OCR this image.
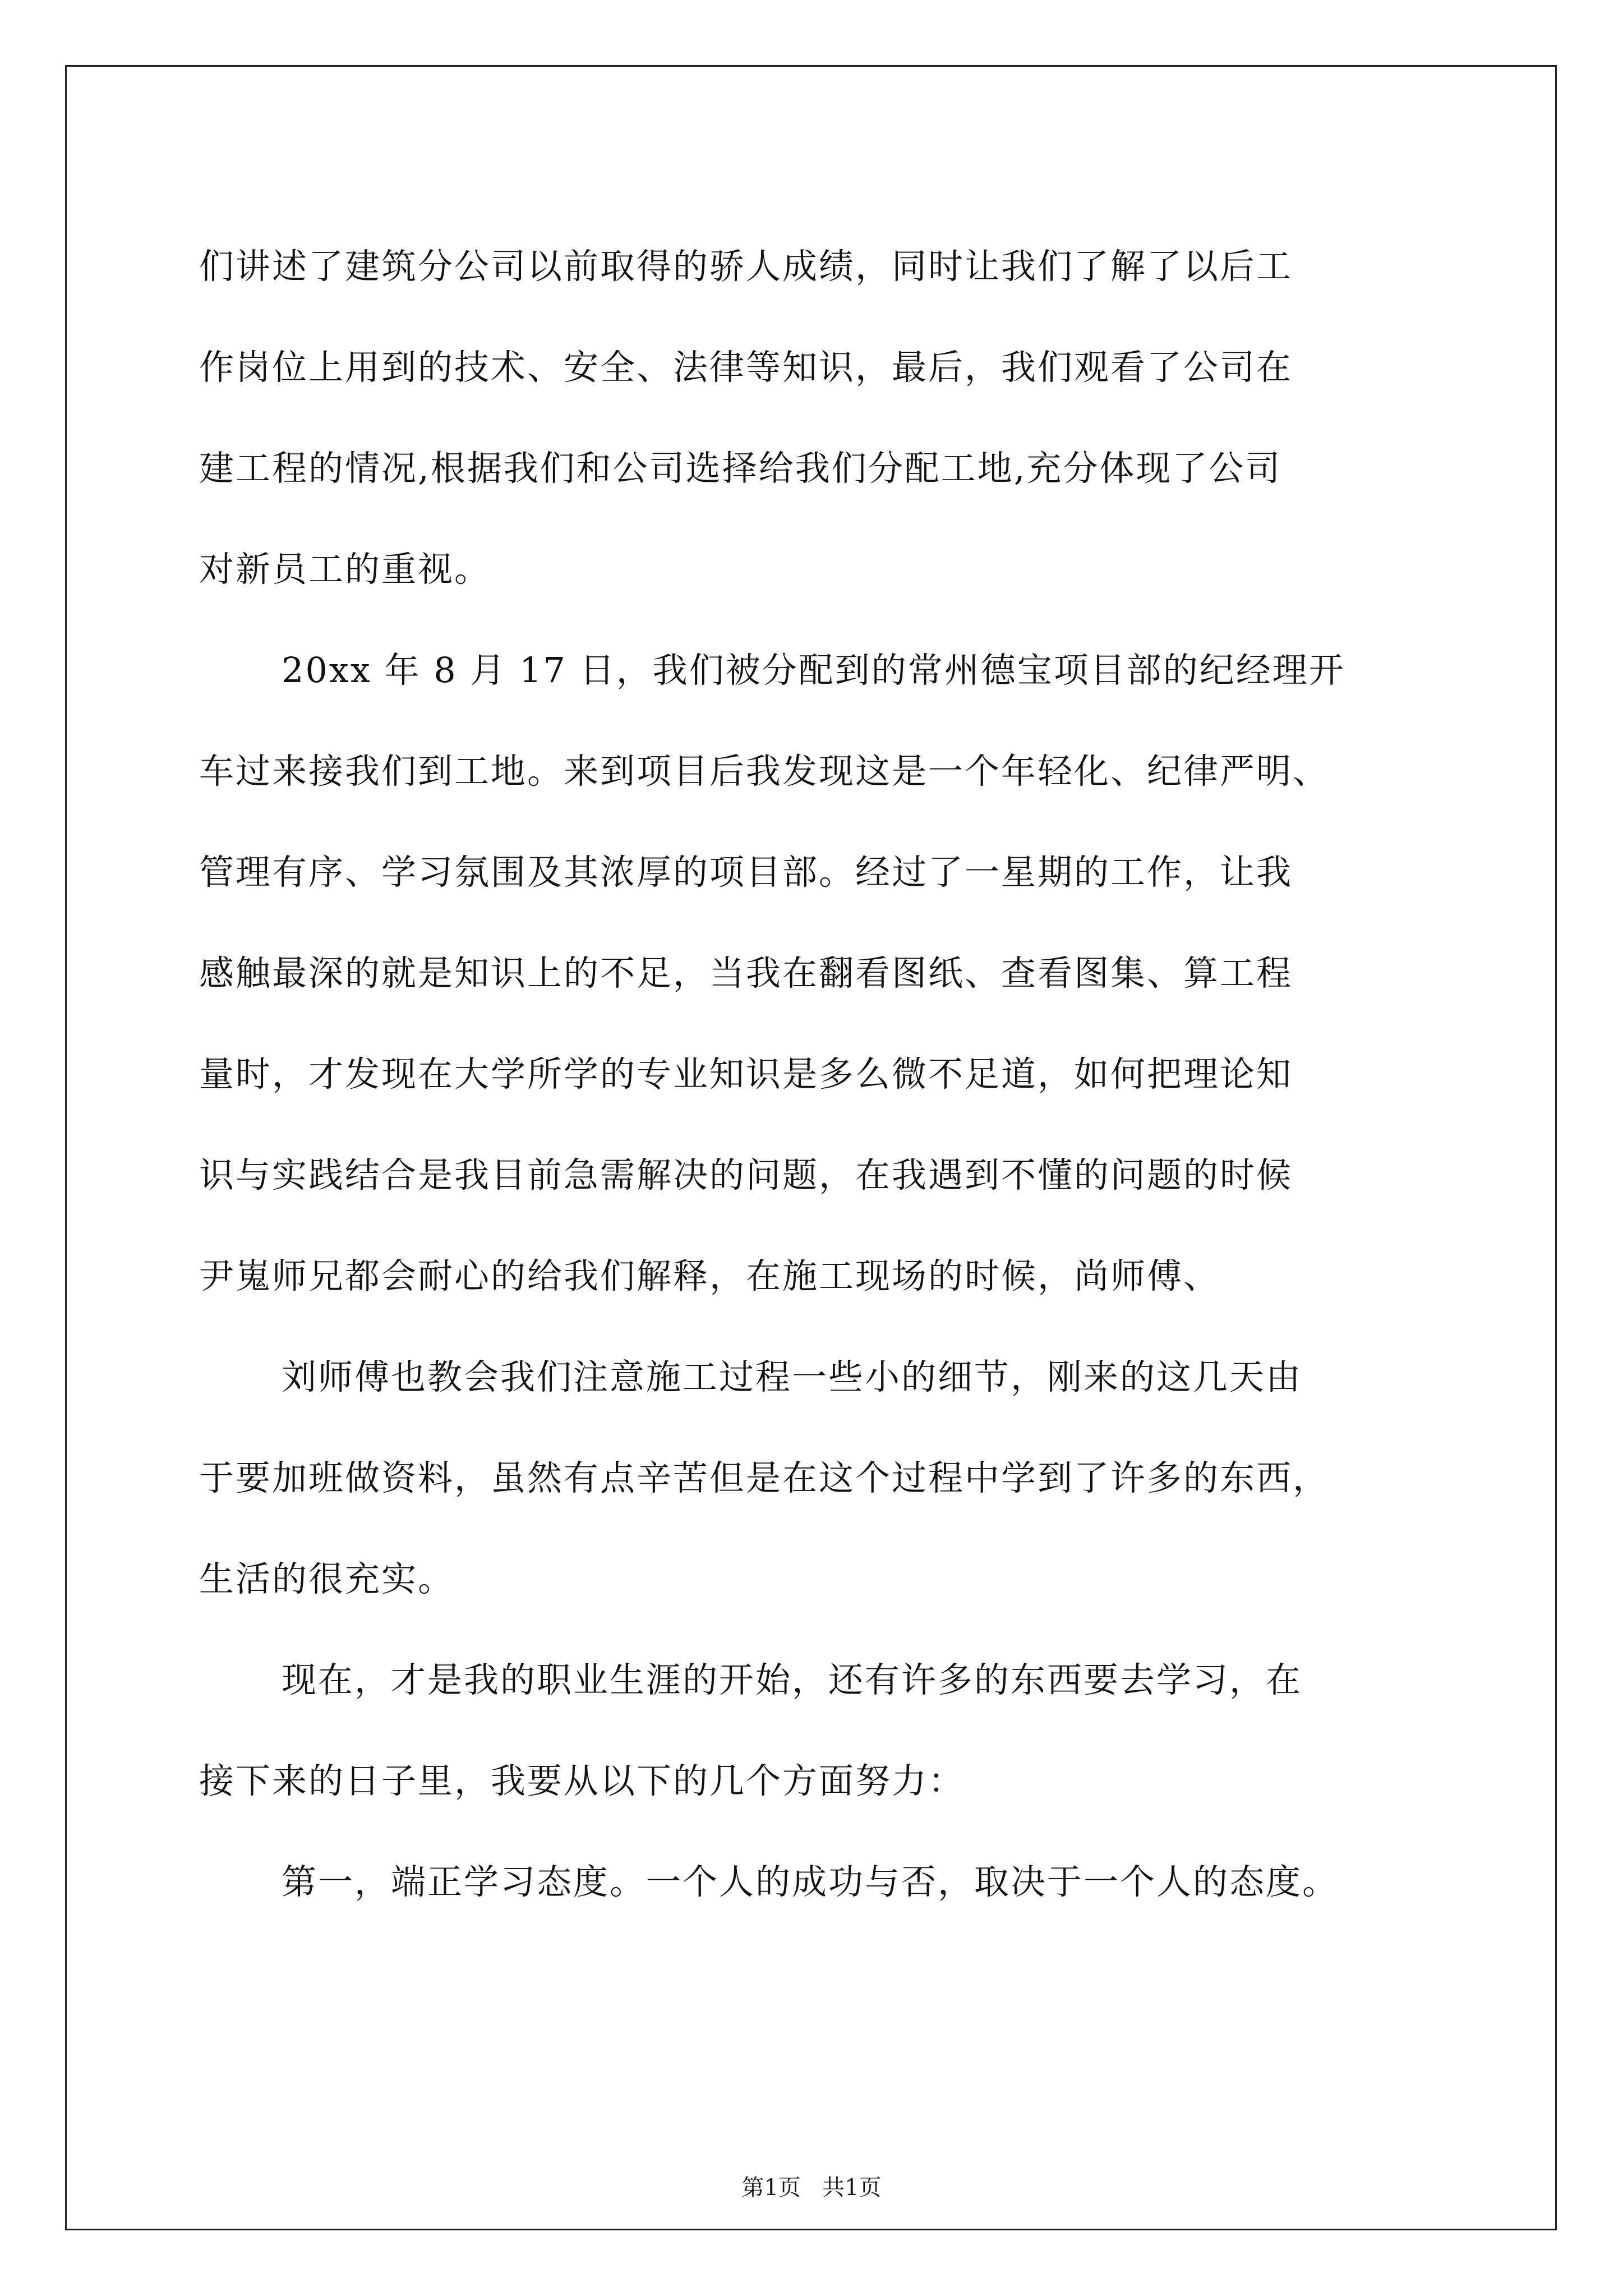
们讲述了建筑分公司以前取得的骄人成绩，同时让我们了解了以后工
作岗位上用到的技术、安全、法律等知识，最后，我们观看了公司在
建工程的情况,根据我们和公司选择给我们分配工地,充分体现了公司
对新员工的重视。
20xx 年 8 月 17 日，我们被分配到的常州德宝项目部的纪经理开
车过来接我们到工地。来到项目后我发现这是一个年轻化、纪律严明、
管理有序、学习氛围及其浓厚的项目部。经过了一星期的工作，让我
感触最深的就是知识上的不足，当我在翻看图纸、查看图集、算工程
量时，才发现在大学所学的专业知识是多么微不足道，如何把理论知
识与实践结合是我目前急需解决的问题，在我遇到不懂的问题的时候
尹嵬师兄都会耐心的给我们解释，在施工现场的时候，尚师傅、
刘师傅也教会我们注意施工过程一些小的细节，刚来的这几天由
于要加班做资料，虽然有点辛苦但是在这个过程中学到了许多的东西，
生活的很充实。
现在，才是我的职业生涯的开始，还有许多的东西要去学习，在
接下来的日子里，我要从以下的几个方面努力：
第一，端正学习态度。一个人的成功与否，取决于一个人的态度。
第1页   共1页
